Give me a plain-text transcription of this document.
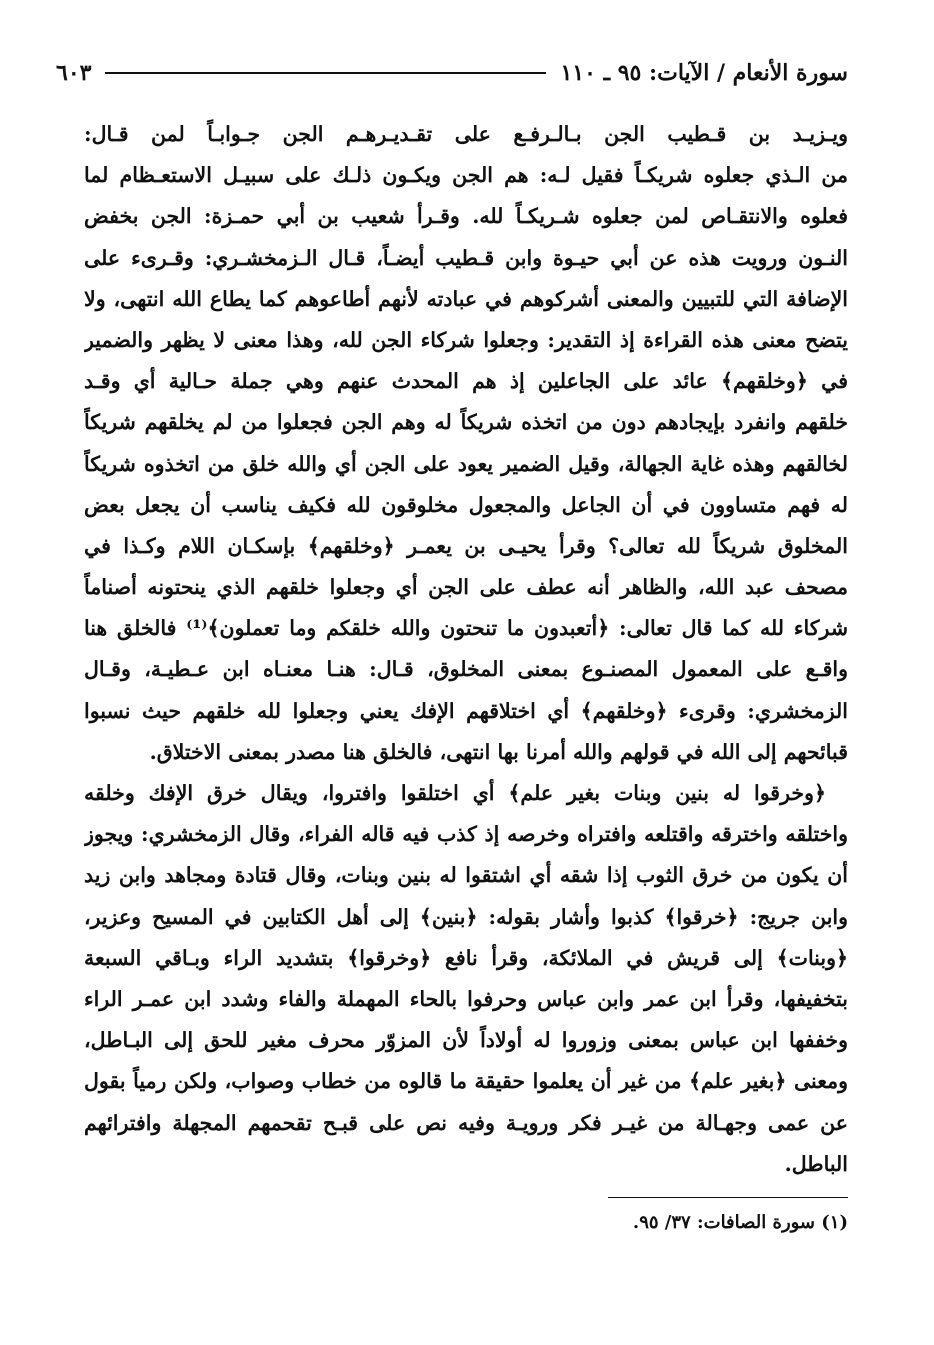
سورة الأنعام / الآيات: ٩٥ ـ ١١٠
٦٠٣
ويـزيـد بن قـطيب الجن بـالـرفـع على تقـديـرهـم الجن جـوابـاً لمن قـال:
من الـذي جعلوه شريكـاً فقيل لـه: هم الجن ويكـون ذلـك على سبيـل الاستعـظام لما
فعلوه والانتقـاص لمن جعلوه شـريكـاً لله. وقـرأ شعيب بن أبي حمـزة: الجن بخفض
النـون ورويت هذه عن أبي حيـوة وابن قـطيب أيضـاً، قـال الـزمخشـري: وقـرىء على
الإضافة التي للتبيين والمعنى أشركوهم في عبادته لأنهم أطاعوهم كما يطاع الله انتهى، ولا
يتضح معنى هذه القراءة إذ التقدير: وجعلوا شركاء الجن لله، وهذا معنى لا يظهر والضمير
في ﴿وخلقهم﴾ عائد على الجاعلين إذ هم المحدث عنهم وهي جملة حـالية أي وقـد
خلقهم وانفرد بإيجادهم دون من اتخذه شريكاً له وهم الجن فجعلوا من لم يخلقهم شريكاً
لخالقهم وهذه غاية الجهالة، وقيل الضمير يعود على الجن أي والله خلق من اتخذوه شريكاً
له فهم متساوون في أن الجاعل والمجعول مخلوقون لله فكيف يناسب أن يجعل بعض
المخلوق شريكاً لله تعالى؟ وقرأ يحيـى بن يعمـر ﴿وخلقهم﴾ بإسكـان اللام وكـذا في
مصحف عبد الله، والظاهر أنه عطف على الجن أي وجعلوا خلقهم الذي ينحتونه أصناماً
شركاء لله كما قال تعالى: ﴿أتعبدون ما تنحتون والله خلقكم وما تعملون﴾⁽¹⁾ فالخلق هنا
واقـع على المعمول المصنـوع بمعنى المخلوق، قـال: هنـا معنـاه ابن عـطيـة، وقـال
الزمخشري: وقرىء ﴿وخلقهم﴾ أي اختلاقهم الإفك يعني وجعلوا لله خلقهم حيث نسبوا
قبائحهم إلى الله في قولهم والله أمرنا بها انتهى، فالخلق هنا مصدر بمعنى الاختلاق.
﴿وخرقوا له بنين وبنات بغير علم﴾ أي اختلقوا وافتروا، ويقال خرق الإفك وخلقه
واختلقه واخترقه واقتلعه وافتراه وخرصه إذ كذب فيه قاله الفراء، وقال الزمخشري: ويجوز
أن يكون من خرق الثوب إذا شقه أي اشتقوا له بنين وبنات، وقال قتادة ومجاهد وابن زيد
وابن جريج: ﴿خرقوا﴾ كذبوا وأشار بقوله: ﴿بنين﴾ إلى أهل الكتابين في المسيح وعزير،
﴿وبنات﴾ إلى قريش في الملائكة، وقرأ نافع ﴿وخرقوا﴾ بتشديد الراء وبـاقي السبعة
بتخفيفها، وقرأ ابن عمر وابن عباس وحرفوا بالحاء المهملة والفاء وشدد ابن عمـر الراء
وخففها ابن عباس بمعنى وزوروا له أولاداً لأن المزوّر محرف مغير للحق إلى البـاطل،
ومعنى ﴿بغير علم﴾ من غير أن يعلموا حقيقة ما قالوه من خطاب وصواب، ولكن رمياً بقول
عن عمى وجهـالة من غيـر فكر ورويـة وفيه نص على قبـح تقحمهم المجهلة وافترائهم
الباطل.
(١) سورة الصافات: ٣٧/ ٩٥.
